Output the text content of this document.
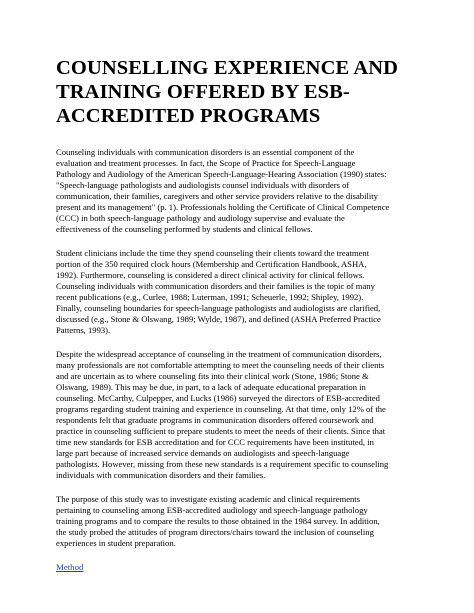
COUNSELLING EXPERIENCE AND
TRAINING OFFERED BY ESB-
ACCREDITED PROGRAMS
Counseling individuals with communication disorders is an essential component of the
evaluation and treatment processes. In fact, the Scope of Practice for Speech-Language
Pathology and Audiology of the American Speech-Language-Hearing Association (1990) states:
"Speech-language pathologists and audiologists counsel individuals with disorders of
communication, their families, caregivers and other service providers relative to the disability
present and its management" (p. 1). Professionals holding the Certificate of Clinical Competence
(CCC) in both speech-language pathology and audiology supervise and evaluate the
effectiveness of the counseling performed by students and clinical fellows.
Student clinicians include the time they spend counseling their clients toward the treatment
portion of the 350 required clock hours (Membership and Certification Handbook, ASHA,
1992). Furthermore, counseling is considered a direct clinical activity for clinical fellows.
Counseling individuals with communication disorders and their families is the topic of many
recent publications (e.g., Curlee, 1988; Luterman, 1991; Scheuerle, 1992; Shipley, 1992).
Finally, counseling boundaries for speech-language pathologists and audiologists are clarified,
discussed (e.g., Stone & Olswang, 1989; Wylde, 1987), and defined (ASHA Preferred Practice
Patterns, 1993).
Despite the widespread acceptance of counseling in the treatment of communication disorders,
many professionals are not comfortable attempting to meet the counseling needs of their clients
and are uncertain as to where counseling fits into their clinical work (Stone, 1986; Stone &
Olswang, 1989). This may be due, in part, to a lack of adequate educational preparation in
counseling. McCarthy, Culpepper, and Lucks (1986) surveyed the directors of ESB-accredited
programs regarding student training and experience in counseling. At that time, only 12% of the
respondents felt that graduate programs in communication disorders offered coursework and
practice in counseling sufficient to prepare students to meet the needs of their clients. Since that
time new standards for ESB accreditation and for CCC requirements have been instituted, in
large part because of increased service demands on audiologists and speech-language
pathologists. However, missing from these new standards is a requirement specific to counseling
individuals with communication disorders and their families.
The purpose of this study was to investigate existing academic and clinical requirements
pertaining to counseling among ESB-accredited audiology and speech-language pathology
training programs and to compare the results to those obtained in the 1984 survey. In addition,
the study probed the attitudes of program directors/chairs toward the inclusion of counseling
experiences in student preparation.
Method
